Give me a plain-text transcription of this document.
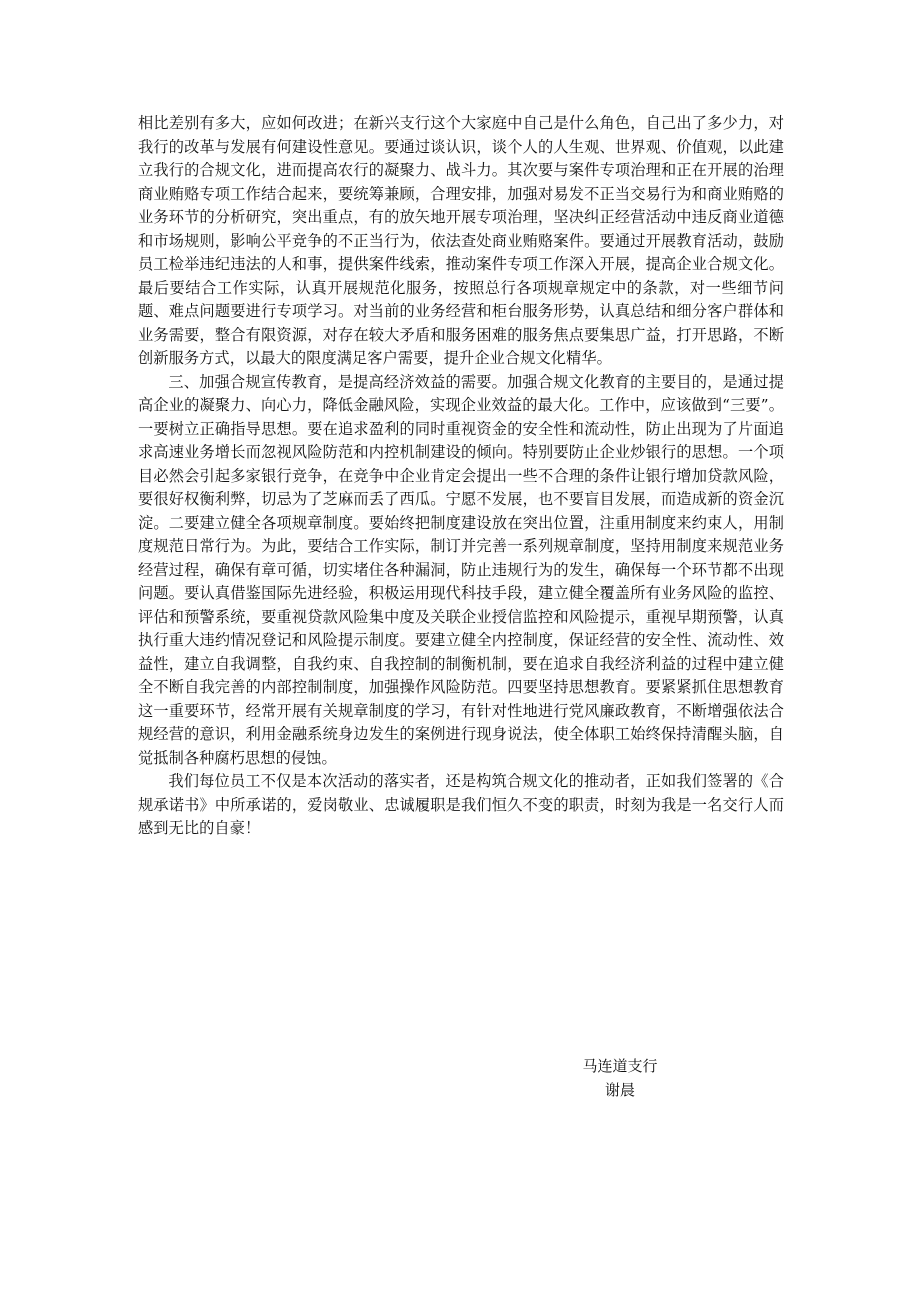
相比差别有多大，应如何改进；在新兴支行这个大家庭中自己是什么角色，自己出了多少力，对我行的改革与发展有何建设性意见。要通过谈认识，谈个人的人生观、世界观、价值观，以此建立我行的合规文化，进而提高农行的凝聚力、战斗力。其次要与案件专项治理和正在开展的治理商业贿赂专项工作结合起来，要统筹兼顾，合理安排，加强对易发不正当交易行为和商业贿赂的业务环节的分析研究，突出重点，有的放矢地开展专项治理，坚决纠正经营活动中违反商业道德和市场规则，影响公平竞争的不正当行为，依法查处商业贿赂案件。要通过开展教育活动，鼓励员工检举违纪违法的人和事，提供案件线索，推动案件专项工作深入开展，提高企业合规文化。最后要结合工作实际，认真开展规范化服务，按照总行各项规章规定中的条款，对一些细节问题、难点问题要进行专项学习。对当前的业务经营和柜台服务形势，认真总结和细分客户群体和业务需要，整合有限资源，对存在较大矛盾和服务困难的服务焦点要集思广益，打开思路，不断创新服务方式，以最大的限度满足客户需要，提升企业合规文化精华。

三、加强合规宣传教育，是提高经济效益的需要。加强合规文化教育的主要目的，是通过提高企业的凝聚力、向心力，降低金融风险，实现企业效益的最大化。工作中，应该做到“三要”。一要树立正确指导思想。要在追求盈利的同时重视资金的安全性和流动性，防止出现为了片面追求高速业务增长而忽视风险防范和内控机制建设的倾向。特别要防止企业炒银行的思想。一个项目必然会引起多家银行竞争，在竞争中企业肯定会提出一些不合理的条件让银行增加贷款风险，要很好权衡利弊，切忌为了芝麻而丢了西瓜。宁愿不发展，也不要盲目发展，而造成新的资金沉淀。二要建立健全各项规章制度。要始终把制度建设放在突出位置，注重用制度来约束人，用制度规范日常行为。为此，要结合工作实际，制订并完善一系列规章制度，坚持用制度来规范业务经营过程，确保有章可循，切实堵住各种漏洞，防止违规行为的发生，确保每一个环节都不出现问题。要认真借鉴国际先进经验，积极运用现代科技手段，建立健全覆盖所有业务风险的监控、评估和预警系统，要重视贷款风险集中度及关联企业授信监控和风险提示，重视早期预警，认真执行重大违约情况登记和风险提示制度。要建立健全内控制度，保证经营的安全性、流动性、效益性，建立自我调整，自我约束、自我控制的制衡机制，要在追求自我经济利益的过程中建立健全不断自我完善的内部控制制度，加强操作风险防范。四要坚持思想教育。要紧紧抓住思想教育这一重要环节，经常开展有关规章制度的学习，有针对性地进行党风廉政教育，不断增强依法合规经营的意识，利用金融系统身边发生的案例进行现身说法，使全体职工始终保持清醒头脑，自觉抵制各种腐朽思想的侵蚀。

我们每位员工不仅是本次活动的落实者，还是构筑合规文化的推动者，正如我们签署的《合规承诺书》中所承诺的，爱岗敬业、忠诚履职是我们恒久不变的职责，时刻为我是一名交行人而感到无比的自豪！

马连道支行
谢晨
